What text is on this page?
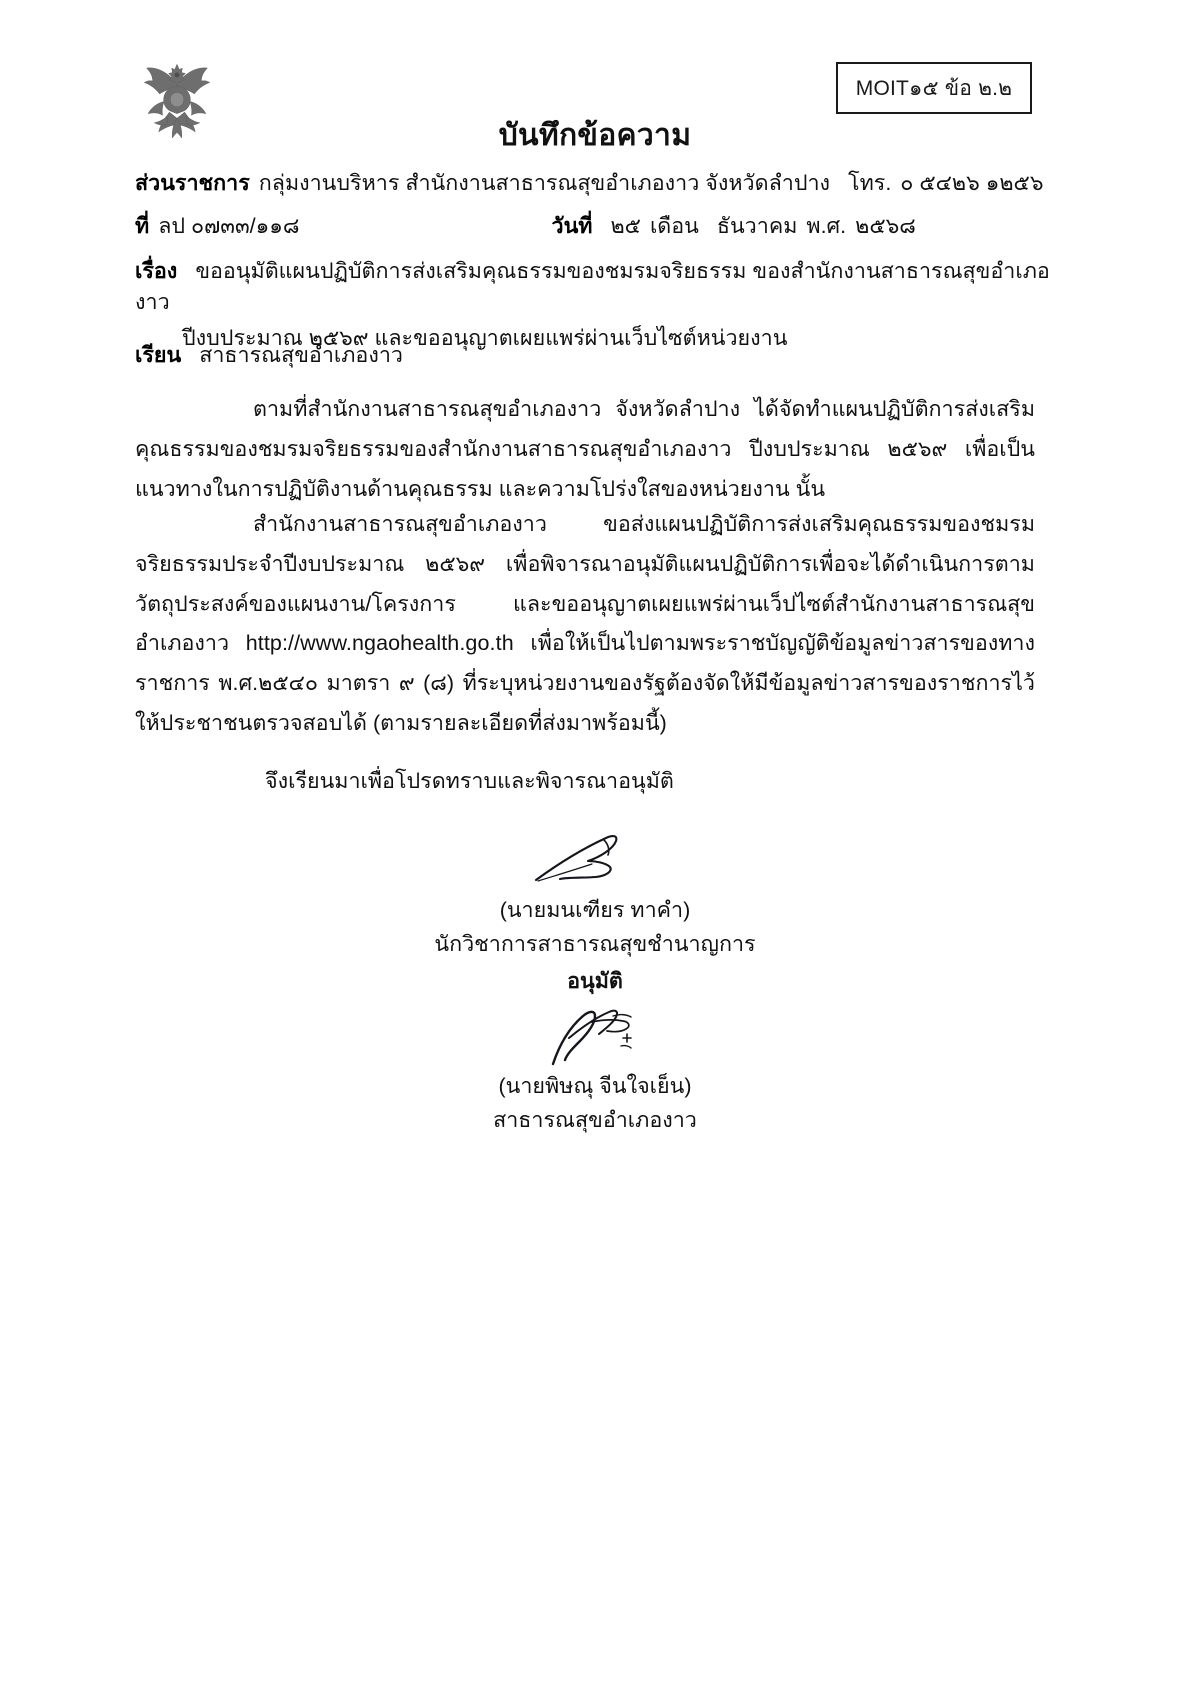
MOIT๑๕ ข้อ ๒.๒
บันทึกข้อความ
ส่วนราชการ กลุ่มงานบริหาร สำนักงานสาธารณสุขอำเภองาว จังหวัดลำปาง โทร. ๐ ๕๔๒๖ ๑๒๕๖
ที่ ลป ๐๗๓๓/๑๑๘	วันที่ ๒๕ เดือน ธันวาคม พ.ศ. ๒๕๖๘
เรื่อง ขออนุมัติแผนปฏิบัติการส่งเสริมคุณธรรมของชมรมจริยธรรม ของสำนักงานสาธารณสุขอำเภองาว
ปีงบประมาณ ๒๕๖๙ และขออนุญาตเผยแพร่ผ่านเว็บไซต์หน่วยงาน
เรียน สาธารณสุขอำเภองาว
ตามที่สำนักงานสาธารณสุขอำเภองาว จังหวัดลำปาง ได้จัดทำแผนปฏิบัติการส่งเสริมคุณธรรมของชมรมจริยธรรมของสำนักงานสาธารณสุขอำเภองาว ปีงบประมาณ ๒๕๖๙ เพื่อเป็นแนวทางในการปฏิบัติงานด้านคุณธรรม และความโปร่งใสของหน่วยงาน นั้น
สำนักงานสาธารณสุขอำเภองาว ขอส่งแผนปฏิบัติการส่งเสริมคุณธรรมของชมรมจริยธรรมประจำปีงบประมาณ ๒๕๖๙ เพื่อพิจารณาอนุมัติแผนปฏิบัติการเพื่อจะได้ดำเนินการตามวัตถุประสงค์ของแผนงาน/โครงการ และขออนุญาตเผยแพร่ผ่านเว็ปไซต์สำนักงานสาธารณสุขอำเภองาว http://www.ngaohealth.go.th เพื่อให้เป็นไปตามพระราชบัญญัติข้อมูลข่าวสารของทางราชการ พ.ศ.๒๕๔๐ มาตรา ๙ (๘) ที่ระบุหน่วยงานของรัฐต้องจัดให้มีข้อมูลข่าวสารของราชการไว้ให้ประชาชนตรวจสอบได้ (ตามรายละเอียดที่ส่งมาพร้อมนี้)
จึงเรียนมาเพื่อโปรดทราบและพิจารณาอนุมัติ
(นายมนเฑียร ทาคำ)
นักวิชาการสาธารณสุขชำนาญการ
อนุมัติ
(นายพิษณุ จีนใจเย็น)
สาธารณสุขอำเภองาว
